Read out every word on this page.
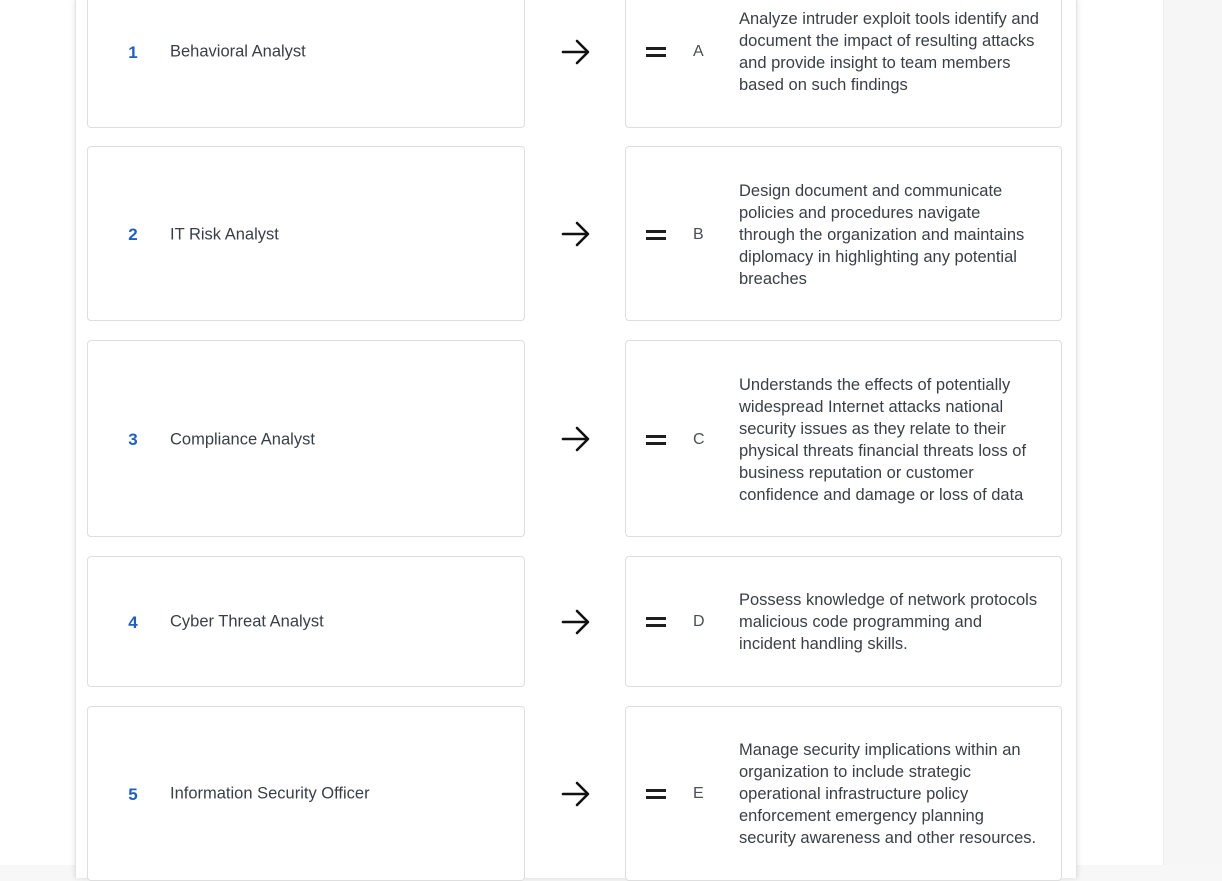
1 Behavioral Analyst	A
Analyze intruder exploit tools identify and document the impact of resulting attacks and provide insight to team members based on such findings
2 IT Risk Analyst	B
Design document and communicate policies and procedures navigate through the organization and maintains diplomacy in highlighting any potential breaches
3 Compliance Analyst	C
Understands the effects of potentially widespread Internet attacks national security issues as they relate to their physical threats financial threats loss of business reputation or customer confidence and damage or loss of data
4 Cyber Threat Analyst	D
Possess knowledge of network protocols malicious code programming and incident handling skills.
5 Information Security Officer	E
Manage security implications within an organization to include strategic operational infrastructure policy enforcement emergency planning security awareness and other resources.
